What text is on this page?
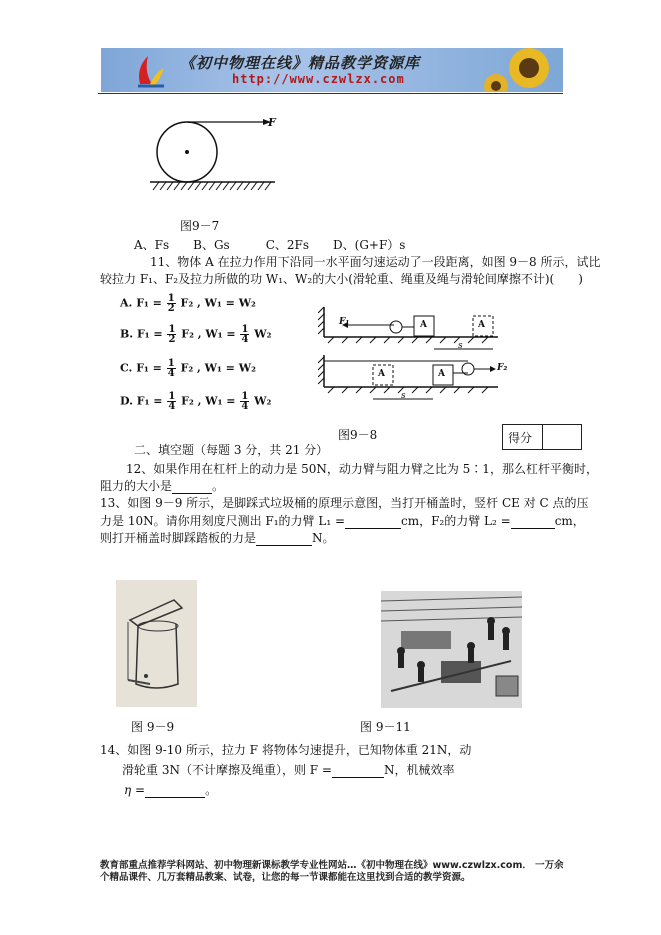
《初中物理在线》精品教学资源库
http://www.czwlzx.com
F
图9－7
A、Fs　　B、Gs　　　C、2Fs　　D、(G+F）s
11、物体 A 在拉力作用下沿同一水平面匀速运动了一段距离，如图 9－8 所示，试比
较拉力 F₁、F₂及拉力所做的功 W₁、W₂的大小(滑轮重、绳重及绳与滑轮间摩擦不计)(　　)
A. $F_1 = \frac{1}{2} F_2$ , W₁ = W₂
B. $F_1 = \frac{1}{2} F_2$ , $W_1 = \frac{1}{4} W_2$
C. $F_1 = \frac{1}{4} F_2$ , W₁ = W₂
D. $F_1 = \frac{1}{4} F_2$ , $W_1 = \frac{1}{4} W_2$
F₁
F₂
A	A
A	A
s
s
图9－8	得分
二、填空题（每题 3 分，共 21 分）
12、如果作用在杠杆上的动力是 50N，动力臂与阻力臂之比为 5∶1，那么杠杆平衡时，
阻力的大小是	。
13、如图 9－9 所示，是脚踩式垃圾桶的原理示意图，当打开桶盖时，竖杆 CE 对 C 点的压
力是 10N。请你用刻度尺测出 F₁的力臂 L₁ =	cm，F₂的力臂 L₂ =	cm，
则打开桶盖时脚踩踏板的力是	N。
图 9－9	图 9－11
14、如图 9-10 所示，拉力 F 将物体匀速提升，已知物体重 21N，动
滑轮重 3N（不计摩擦及绳重），则 F =	N，机械效率
η =	。
教育部重点推荐学科网站、初中物理新课标教学专业性网站…《初中物理在线》www.czwlzx.com． 一万余
个精品课件、几万套精品教案、试卷，让您的每一节课都能在这里找到合适的教学资源。
